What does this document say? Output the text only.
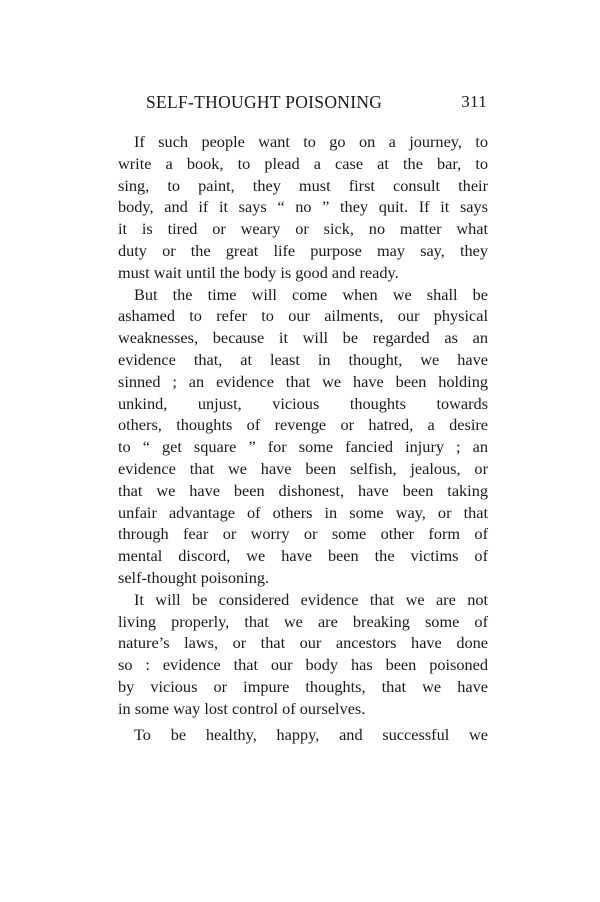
SELF-THOUGHT POISONING	311
If such people want to go on a journey, to
write a book, to plead a case at the bar, to
sing, to paint, they must first consult their
body, and if it says “ no ” they quit. If it says
it is tired or weary or sick, no matter what
duty or the great life purpose may say, they
must wait until the body is good and ready.
But the time will come when we shall be
ashamed to refer to our ailments, our physical
weaknesses, because it will be regarded as an
evidence that, at least in thought, we have
sinned ; an evidence that we have been holding
unkind, unjust, vicious thoughts towards
others, thoughts of revenge or hatred, a desire
to “ get square ” for some fancied injury ; an
evidence that we have been selfish, jealous, or
that we have been dishonest, have been taking
unfair advantage of others in some way, or that
through fear or worry or some other form of
mental discord, we have been the victims of
self-thought poisoning.
It will be considered evidence that we are not
living properly, that we are breaking some of
nature’s laws, or that our ancestors have done
so : evidence that our body has been poisoned
by vicious or impure thoughts, that we have
in some way lost control of ourselves.
To be healthy, happy, and successful we
